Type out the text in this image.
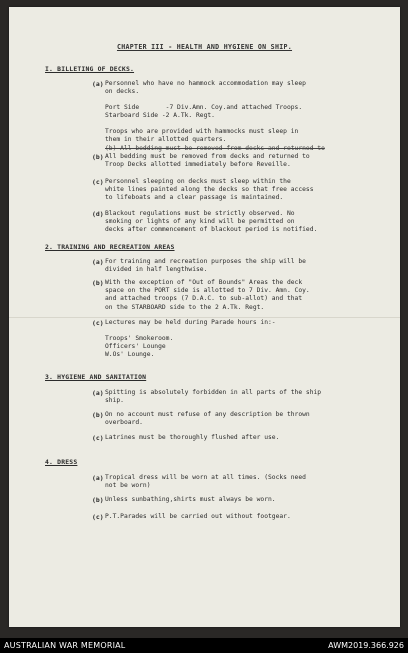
CHAPTER III - HEALTH AND HYGIENE ON SHIP.
I. BILLETING OF DECKS.
(a) Personnel who have no hammock accommodation may sleep
on decks.
Port Side       -7 Div.Amn. Coy.and attached Troops.
Starboard Side -2 A.Tk. Regt.
Troops who are provided with hammocks must sleep in
them in their allotted quarters.
(b) All bedding must be removed from decks and returned to
(b) All bedding must be removed from decks and returned to
Troop Decks allotted immediately before Reveille.
(c) Personnel sleeping on decks must sleep within the
white lines painted along the decks so that free access
to lifeboats and a clear passage is maintained.
(d) Blackout regulations must be strictly observed. No
smoking or lights of any kind will be permitted on
decks after commencement of blackout period is notified.
2. TRAINING AND RECREATION AREAS
(a) For training and recreation purposes the ship will be
divided in half lengthwise.
(b) With the exception of "Out of Bounds" Areas the deck
space on the PORT side is allotted to 7 Div. Amn. Coy.
and attached troops (7 D.A.C. to sub-allot) and that
on the STARBOARD side to the 2 A.Tk. Regt.
(c) Lectures may be held during Parade hours in:-
Troops' Smokeroom.
Officers' Lounge
W.Os' Lounge.
3. HYGIENE AND SANITATION
(a) Spitting is absolutely forbidden in all parts of the ship
ship.
(b) On no account must refuse of any description be thrown
overboard.
(c) Latrines must be thoroughly flushed after use.
4. DRESS
(a) Tropical dress will be worn at all times. (Socks need
not be worn)
(b) Unless sunbathing,shirts must always be worn.
(c) P.T.Parades will be carried out without footgear.
AUSTRALIAN WAR MEMORIAL	AWM2019.366.926
